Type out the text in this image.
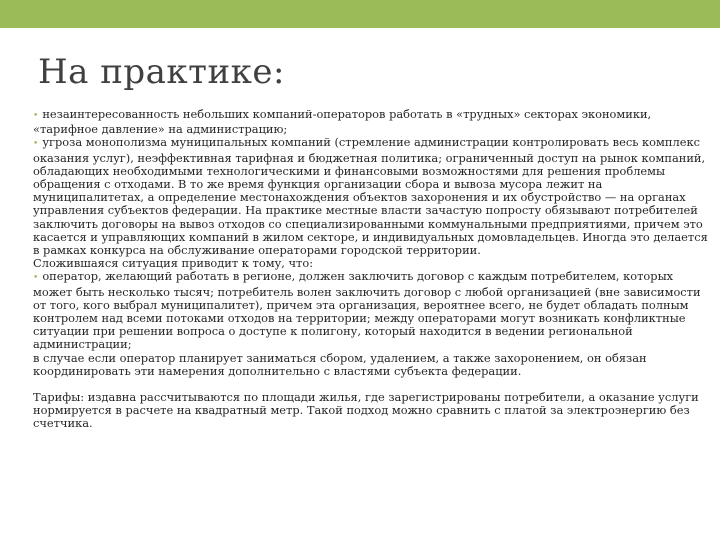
На практике:

• незаинтересованность небольших компаний-операторов работать в «трудных» секторах экономики, «тарифное давление» на администрацию;

• угроза монополизма муниципальных компаний (стремление администрации контролировать весь комплекс оказания услуг), неэффективная тарифная и бюджетная политика; ограниченный доступ на рынок компаний, обладающих необходимыми технологическими и финансовыми возможностями для решения проблемы обращения с отходами. В то же время функция организации сбора и вывоза мусора лежит на муниципалитетах, а определение местонахождения объектов захоронения и их обустройство — на органах управления субъектов федерации. На практике местные власти зачастую попросту обязывают потребителей заключить договоры на вывоз отходов со специализированными коммунальными предприятиями, причем это касается и управляющих компаний в жилом секторе, и индивидуальных домовладельцев. Иногда это делается в рамках конкурса на обслуживание операторами городской территории.

Сложившаяся ситуация приводит к тому, что:

• оператор, желающий работать в регионе, должен заключить договор с каждым потребителем, которых может быть несколько тысяч; потребитель волен заключить договор с любой организацией (вне зависимости от того, кого выбрал муниципалитет), причем эта организация, вероятнее всего, не будет обладать полным контролем над всеми потоками отходов на территории; между операторами могут возникать конфликтные ситуации при решении вопроса о доступе к полигону, который находится в ведении региональной администрации;

в случае если оператор планирует заниматься сбором, удалением, а также захоронением, он обязан координировать эти намерения дополнительно с властями субъекта федерации.

Тарифы: издавна рассчитываются по площади жилья, где зарегистрированы потребители, а оказание услуги нормируется в расчете на квадратный метр. Такой подход можно сравнить с платой за электроэнергию без счетчика.
